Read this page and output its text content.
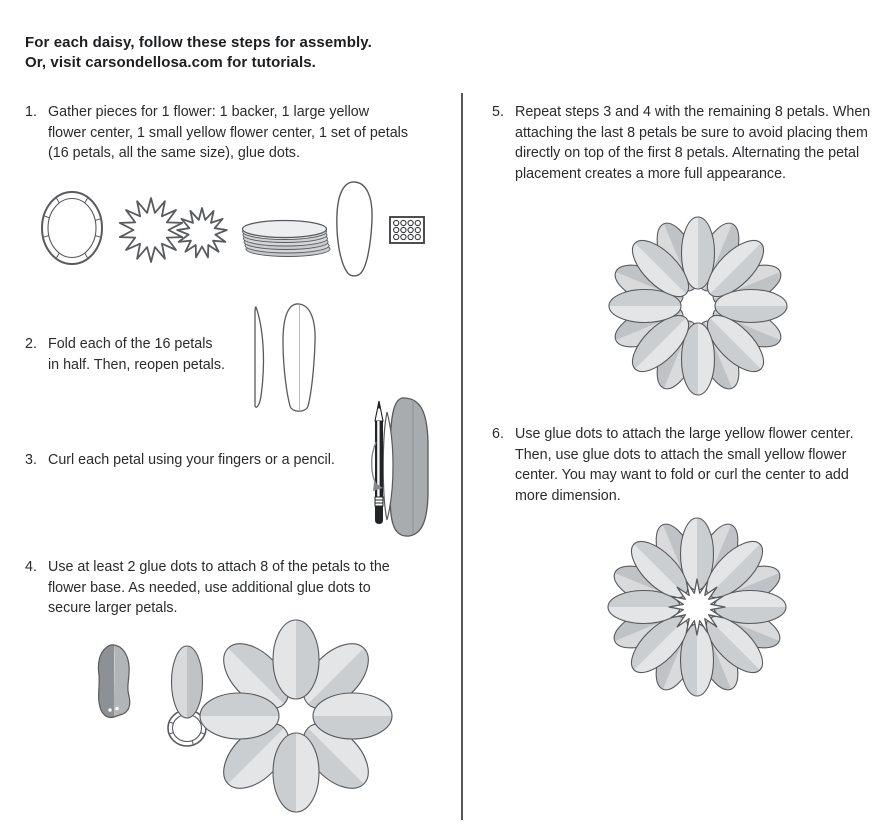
For each daisy, follow these steps for assembly.
Or, visit carsondellosa.com for tutorials.
1. Gather pieces for 1 flower: 1 backer, 1 large yellow
flower center, 1 small yellow flower center, 1 set of petals
(16 petals, all the same size), glue dots.
2. Fold each of the 16 petals
in half. Then, reopen petals.
3. Curl each petal using your fingers or a pencil.
4. Use at least 2 glue dots to attach 8 of the petals to the
flower base. As needed, use additional glue dots to
secure larger petals.
5. Repeat steps 3 and 4 with the remaining 8 petals. When
attaching the last 8 petals be sure to avoid placing them
directly on top of the first 8 petals. Alternating the petal
placement creates a more full appearance.
6. Use glue dots to attach the large yellow flower center.
Then, use glue dots to attach the small yellow flower
center. You may want to fold or curl the center to add
more dimension.
